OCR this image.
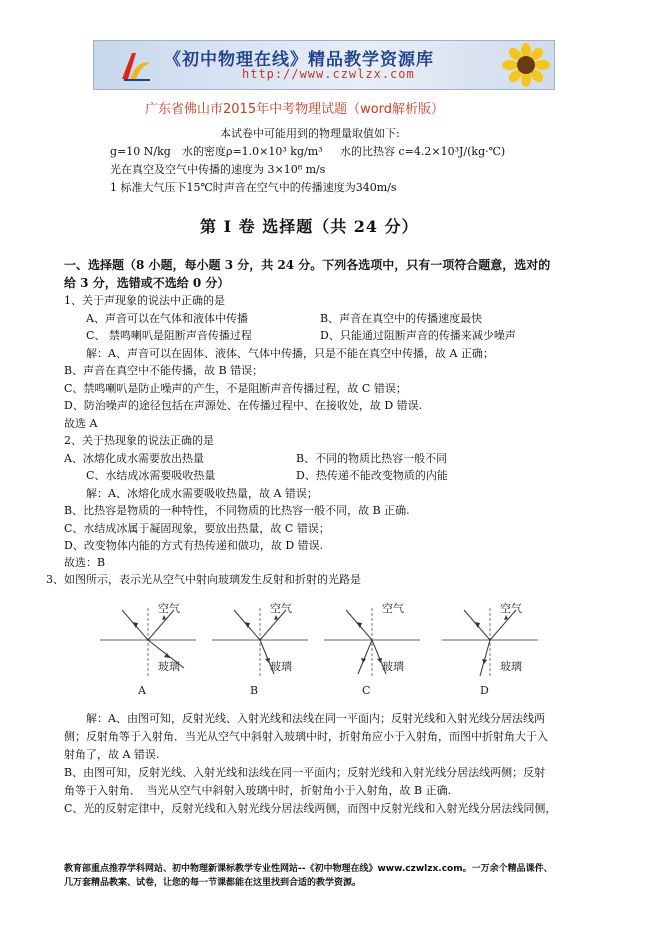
《初中物理在线》精品教学资源库
http://www.czwlzx.com
广东省佛山市2015年中考物理试题（word解析版）
本试卷中可能用到的物理量取值如下:
g=10 N/kg 水的密度ρ=1.0×10³ kg/m³ 水的比热容 c=4.2×10³J/(kg·℃)
光在真空及空气中传播的速度为 3×10⁸ m/s
1 标准大气压下15℃时声音在空气中的传播速度为340m/s
第 I 卷 选择题（共 24 分）
一、选择题（8 小题，每小题 3 分，共 24 分。下列各选项中，只有一项符合题意，选对的
给 3 分，选错或不选给 0 分）
1、关于声现象的说法中正确的是
A、声音可以在气体和液体中传播	B、声音在真空中的传播速度最快
C、 禁鸣喇叭是阻断声音传播过程	D、只能通过阻断声音的传播来减少噪声
解：A、声音可以在固体、液体、气体中传播，只是不能在真空中传播，故 A 正确；
B、声音在真空中不能传播，故 B 错误；
C、禁鸣喇叭是防止噪声的产生，不是阻断声音传播过程，故 C 错误；
D、防治噪声的途径包括在声源处、在传播过程中、在接收处，故 D 错误.
故选 A
2、关于热现象的说法正确的是
A、冰熔化成水需要放出热量	B、不同的物质比热容一般不同
C、水结成冰需要吸收热量	D、热传递不能改变物质的内能
解：A、冰熔化成水需要吸收热量，故 A 错误；
B、比热容是物质的一种特性，不同物质的比热容一般不同，故 B 正确.
C、水结成冰属于凝固现象，要放出热量，故 C 错误；
D、改变物体内能的方式有热传递和做功，故 D 错误.
故选：B
3、如图所示，表示光从空气中射向玻璃发生反射和折射的光路是
空气
玻璃
A
空气
玻璃
B
空气
玻璃
C
空气
玻璃
D
解：A、由图可知，反射光线、入射光线和法线在同一平面内；反射光线和入射光线分居法线两
侧；反射角等于入射角．当光从空气中斜射入玻璃中时，折射角应小于入射角，而图中折射角大于入
射角了，故 A 错误.
B、由图可知，反射光线、入射光线和法线在同一平面内；反射光线和入射光线分居法线两侧；反射
角等于入射角．　当光从空气中斜射入玻璃中时，折射角小于入射角，故 B 正确.
C、光的反射定律中，反射光线和入射光线分居法线两侧，而图中反射光线和入射光线分居法线同侧，
教育部重点推荐学科网站、初中物理新课标教学专业性网站--《初中物理在线》www.czwlzx.com。一万余个精品课件、
几万套精品教案、试卷，让您的每一节课都能在这里找到合适的教学资源。
